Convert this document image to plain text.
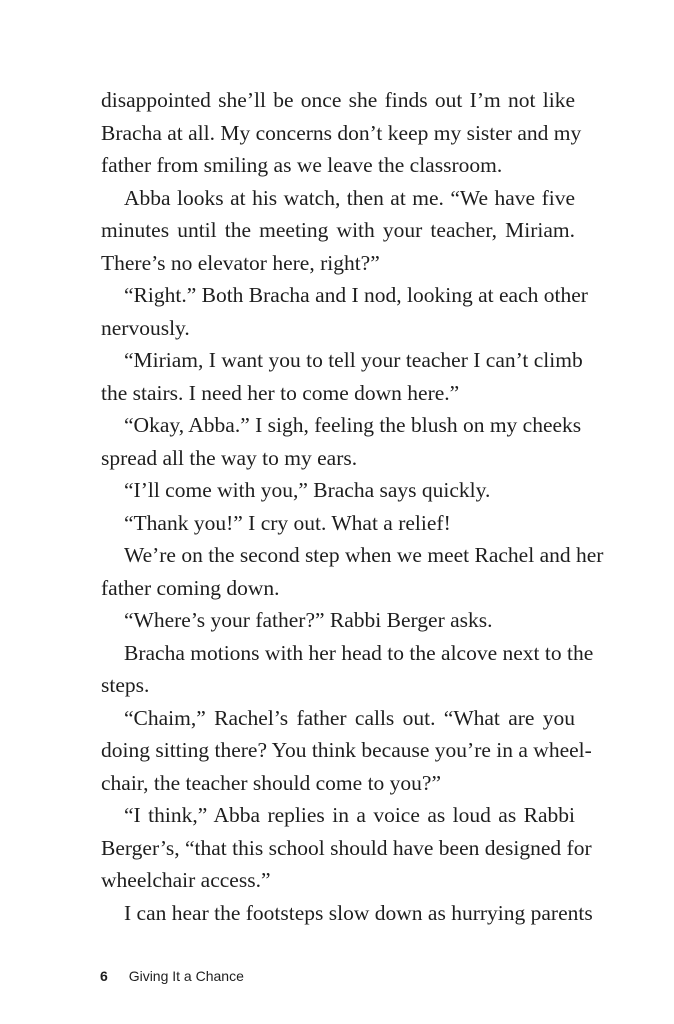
disappointed she’ll be once she finds out I’m not like
Bracha at all. My concerns don’t keep my sister and my
father from smiling as we leave the classroom.
Abba looks at his watch, then at me. “We have five
minutes until the meeting with your teacher, Miriam.
There’s no elevator here, right?”
“Right.” Both Bracha and I nod, looking at each other
nervously.
“Miriam, I want you to tell your teacher I can’t climb
the stairs. I need her to come down here.”
“Okay, Abba.” I sigh, feeling the blush on my cheeks
spread all the way to my ears.
“I’ll come with you,” Bracha says quickly.
“Thank you!” I cry out. What a relief!
We’re on the second step when we meet Rachel and her
father coming down.
“Where’s your father?” Rabbi Berger asks.
Bracha motions with her head to the alcove next to the
steps.
“Chaim,” Rachel’s father calls out. “What are you
doing sitting there? You think because you’re in a wheel-
chair, the teacher should come to you?”
“I think,” Abba replies in a voice as loud as Rabbi
Berger’s, “that this school should have been designed for
wheelchair access.”
I can hear the footsteps slow down as hurrying parents
6 Giving It a Chance
